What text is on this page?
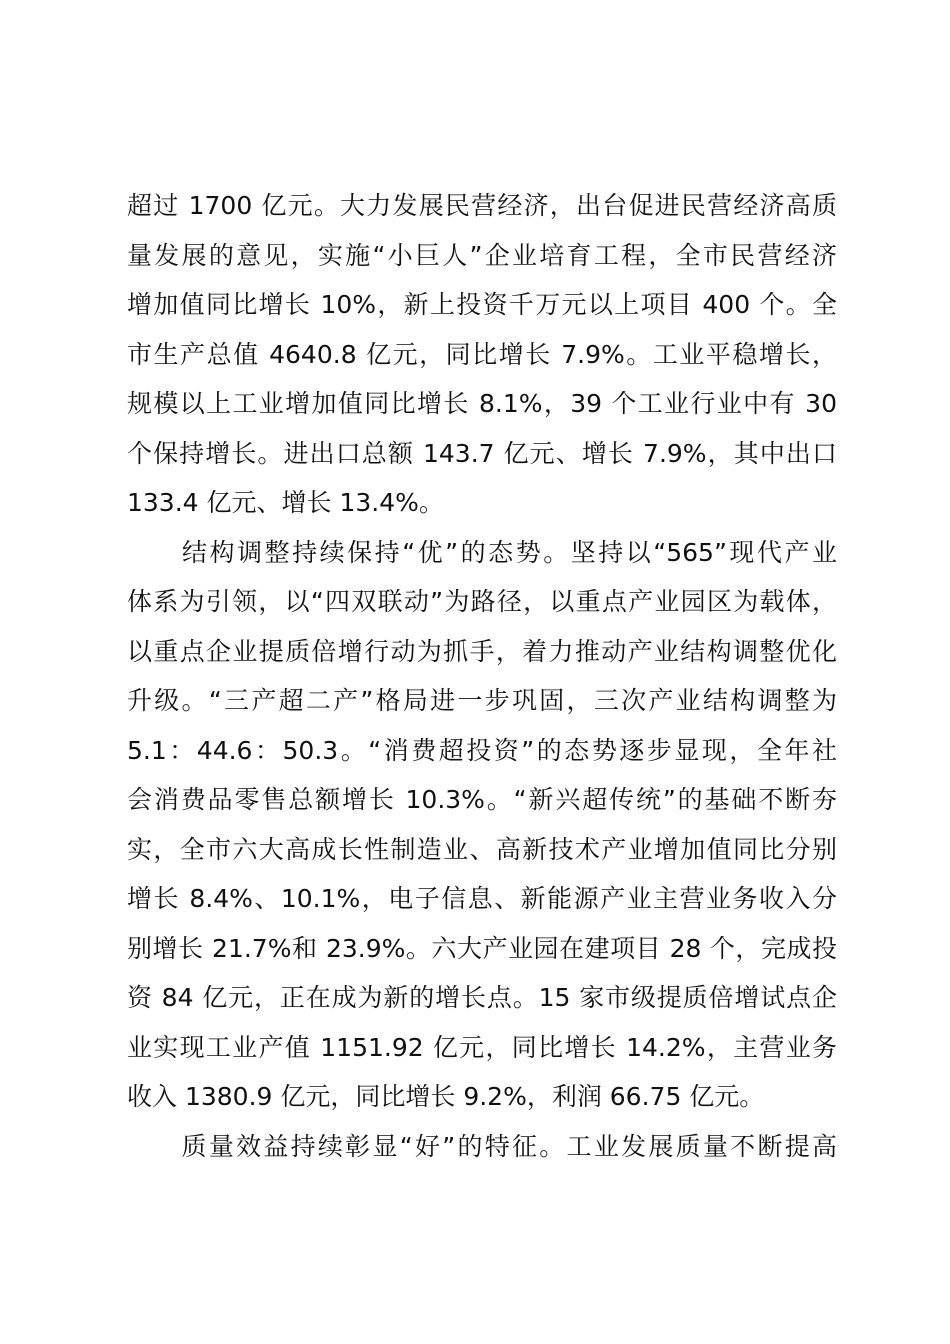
超过 1700 亿元。大力发展民营经济，出台促进民营经济高质
量发展的意见，实施“小巨人”企业培育工程，全市民营经济
增加值同比增长 10%，新上投资千万元以上项目 400 个。全
市生产总值 4640.8 亿元，同比增长 7.9%。工业平稳增长，
规模以上工业增加值同比增长 8.1%，39 个工业行业中有 30
个保持增长。进出口总额 143.7 亿元、增长 7.9%，其中出口
133.4 亿元、增长 13.4%。
　　结构调整持续保持“优”的态势。坚持以“565”现代产业
体系为引领，以“四双联动”为路径，以重点产业园区为载体，
以重点企业提质倍增行动为抓手，着力推动产业结构调整优化
升级。“三产超二产”格局进一步巩固，三次产业结构调整为
5.1：44.6：50.3。“消费超投资”的态势逐步显现，全年社
会消费品零售总额增长 10.3%。“新兴超传统”的基础不断夯
实，全市六大高成长性制造业、高新技术产业增加值同比分别
增长 8.4%、10.1%，电子信息、新能源产业主营业务收入分
别增长 21.7%和 23.9%。六大产业园在建项目 28 个，完成投
资 84 亿元，正在成为新的增长点。15 家市级提质倍增试点企
业实现工业产值 1151.92 亿元，同比增长 14.2%，主营业务
收入 1380.9 亿元，同比增长 9.2%，利润 66.75 亿元。
　　质量效益持续彰显“好”的特征。工业发展质量不断提高
